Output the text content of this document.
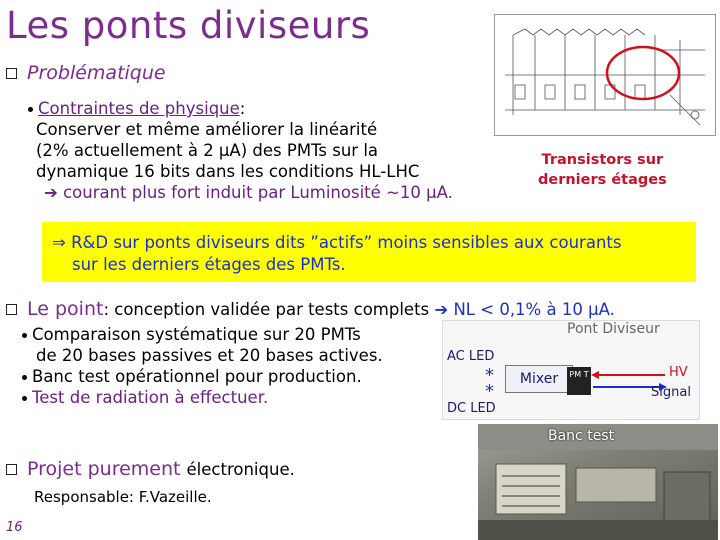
Les ponts diviseurs
Problématique
Contraintes de physique:
Conserver et même améliorer la linéarité
(2% actuellement à 2 µA) des PMTs sur la
dynamique 16 bits dans les conditions HL-LHC
➔ courant plus fort induit par Luminosité ~10 µA.
Transistors sur
derniers étages
⇒ R&D sur ponts diviseurs dits ”actifs” moins sensibles aux courants
sur les derniers étages des PMTs.
Le point: conception validée par tests complets ➔ NL < 0,1% à 10 µA.
Comparaison systématique sur 20 PMTs
de 20 bases passives et 20 bases actives.
Banc test opérationnel pour production.
Test de radiation à effectuer.
Pont Diviseur
AC LED
DC LED
*
*
Mixer	PM T	HV
Signal
Banc test
Projet purement électronique.
Responsable: F.Vazeille.
16
